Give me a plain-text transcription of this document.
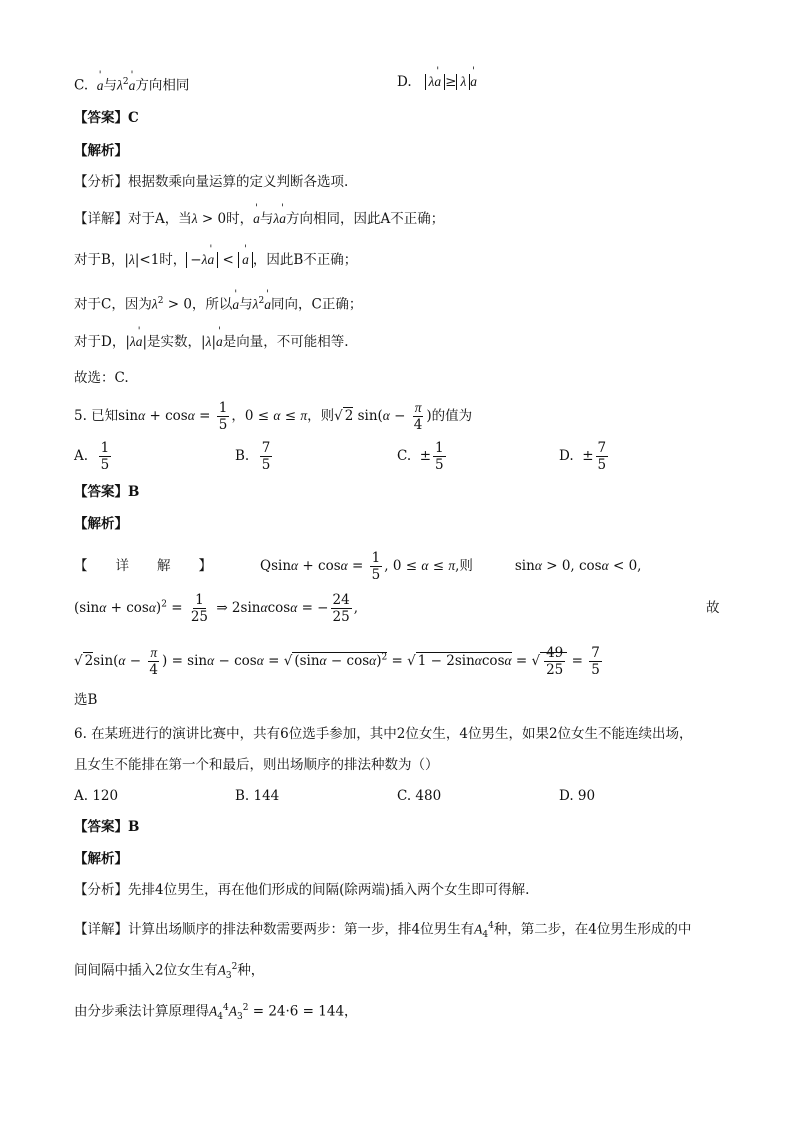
C.  ' a与$\lambda^2'$ a方向相同	D.   λ' a ≥ λ' a
【答案】C
【解析】
【分析】根据数乘向量运算的定义判断各选项.
【详解】对于A，当λ > 0时，' a与λ' a方向相同，因此A不正确；
对于B，|λ|<1时， −λ' a < ' a ，因此B不正确；
对于C，因为$\lambda^2 > 0$，所以' a与$\lambda^2'$ a同向，C正确；
对于D，|λ' a|是实数，|λ|' a是向量，不可能相等.
故选：C.
5. 已知$\sin\alpha + \cos\alpha = \frac{1}{5}$ ，0 ≤ α ≤ π，则√ 2 $\sin(\alpha - \frac{\pi}{4}$ )的值为
A. $\frac{1}{5}$	B. $\frac{7}{5}$	C.  ± $\frac{1}{5}$	D.  ± $\frac{7}{5}$
【答案】B
【解析】
【详解】 $Qsin\alpha + \cos\alpha = \frac{1}{5}$ , 0 ≤ α ≤ π,则	sinα > 0, cosα < 0,
$(\sin\alpha + \cos\alpha)^2 = \frac{1}{25}$ ⇒ 2sinαcosα = − $\frac{24}{25}$ ,	故
√ $2\sin(\alpha - \frac{\pi}{4}$ ) = sinα − cosα = √ $(\sin\alpha - \cos\alpha)^2$ = √ 1 − 2sinαcosα = √ $\frac{49}{25} = \frac{7}{5}$
选B
6. 在某班进行的演讲比赛中，共有6位选手参加，其中2位女生，4位男生，如果2位女生不能连续出场，
且女生不能排在第一个和最后，则出场顺序的排法种数为（）
A. 120	B. 144	C. 480	D. 90
【答案】B
【解析】
【分析】先排4位男生，再在他们形成的间隔(除两端)插入两个女生即可得解.
【详解】计算出场顺序的排法种数需要两步：第一步，排4位男生有$A_4^4$种，第二步，在4位男生形成的中
间间隔中插入2位女生有$A_3^2$种，
由分步乘法计算原理得$A_4^4A_3^2 = 24\cdot 6 = 144$，
